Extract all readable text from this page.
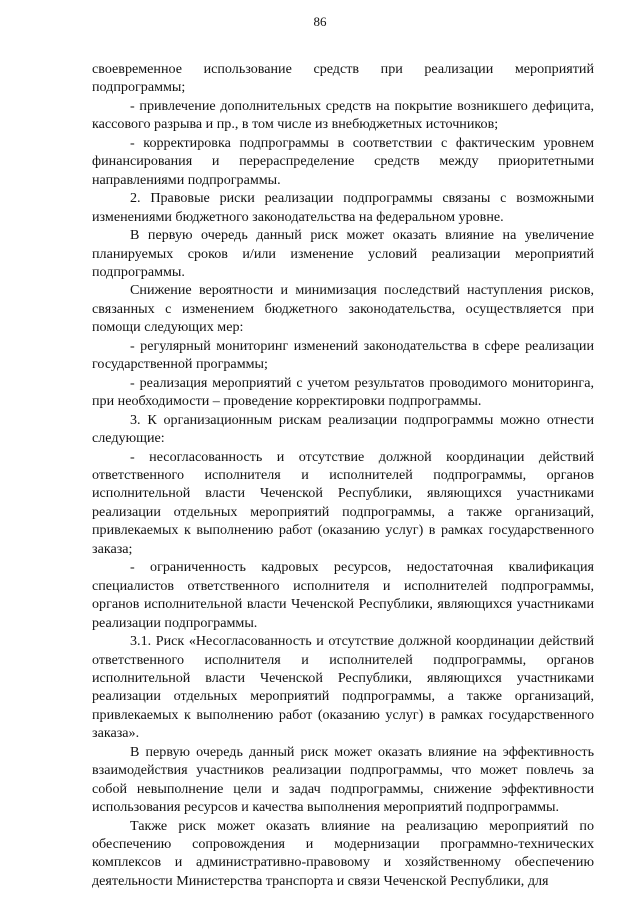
86

своевременное использование средств при реализации мероприятий подпрограммы;

- привлечение дополнительных средств на покрытие возникшего дефицита, кассового разрыва и пр., в том числе из внебюджетных источников;

- корректировка подпрограммы в соответствии с фактическим уровнем финансирования и перераспределение средств между приоритетными направлениями подпрограммы.

2. Правовые риски реализации подпрограммы связаны с возможными изменениями бюджетного законодательства на федеральном уровне.

В первую очередь данный риск может оказать влияние на увеличение планируемых сроков и/или изменение условий реализации мероприятий подпрограммы.

Снижение вероятности и минимизация последствий наступления рисков, связанных с изменением бюджетного законодательства, осуществляется при помощи следующих мер:

- регулярный мониторинг изменений законодательства в сфере реализации государственной программы;

- реализация мероприятий с учетом результатов проводимого мониторинга, при необходимости – проведение корректировки подпрограммы.

3. К организационным рискам реализации подпрограммы можно отнести следующие:

- несогласованность и отсутствие должной координации действий ответственного исполнителя и исполнителей подпрограммы, органов исполнительной власти Чеченской Республики, являющихся участниками реализации отдельных мероприятий подпрограммы, а также организаций, привлекаемых к выполнению работ (оказанию услуг) в рамках государственного заказа;

- ограниченность кадровых ресурсов, недостаточная квалификация специалистов ответственного исполнителя и исполнителей подпрограммы, органов исполнительной власти Чеченской Республики, являющихся участниками реализации подпрограммы.

3.1. Риск «Несогласованность и отсутствие должной координации действий ответственного исполнителя и исполнителей подпрограммы, органов исполнительной власти Чеченской Республики, являющихся участниками реализации отдельных мероприятий подпрограммы, а также организаций, привлекаемых к выполнению работ (оказанию услуг) в рамках государственного заказа».

В первую очередь данный риск может оказать влияние на эффективность взаимодействия участников реализации подпрограммы, что может повлечь за собой невыполнение цели и задач подпрограммы, снижение эффективности использования ресурсов и качества выполнения мероприятий подпрограммы.

Также риск может оказать влияние на реализацию мероприятий по обеспечению сопровождения и модернизации программно-технических комплексов и административно-правовому и хозяйственному обеспечению деятельности Министерства транспорта и связи Чеченской Республики, для
